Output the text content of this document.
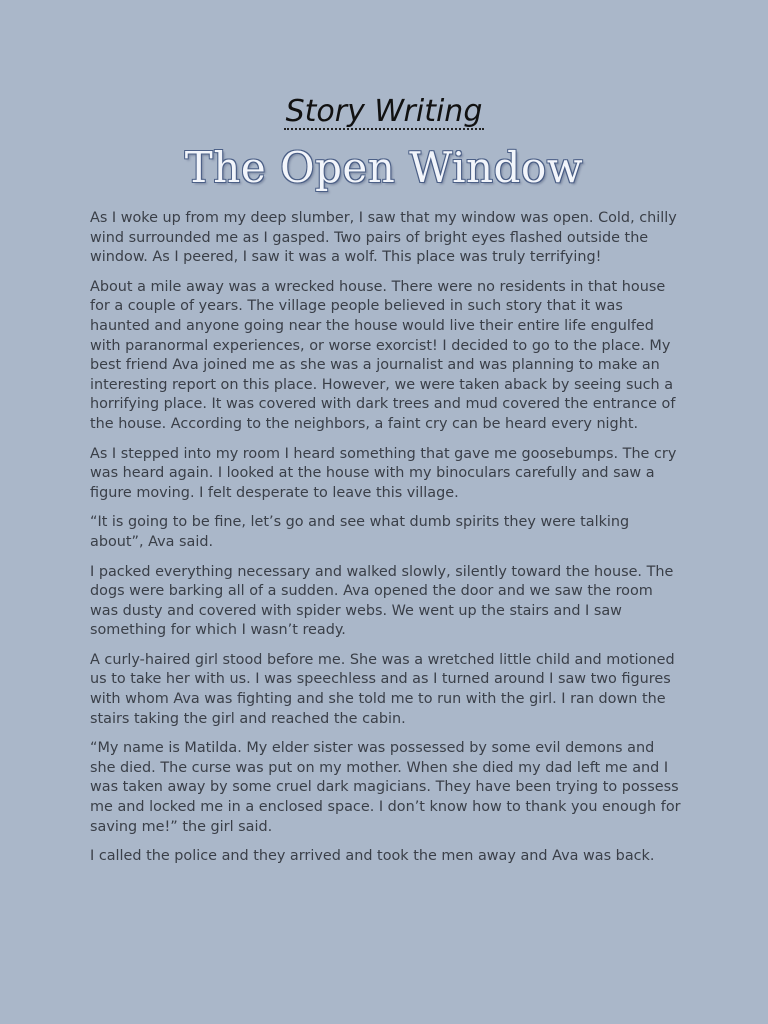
Story Writing
The Open Window

As I woke up from my deep slumber, I saw that my window was open. Cold, chilly wind surrounded me as I gasped. Two pairs of bright eyes flashed outside the window. As I peered, I saw it was a wolf. This place was truly terrifying!

About a mile away was a wrecked house. There were no residents in that house for a couple of years. The village people believed in such story that it was haunted and anyone going near the house would live their entire life engulfed with paranormal experiences, or worse exorcist! I decided to go to the place. My best friend Ava joined me as she was a journalist and was planning to make an interesting report on this place. However, we were taken aback by seeing such a horrifying place. It was covered with dark trees and mud covered the entrance of the house. According to the neighbors, a faint cry can be heard every night.

As I stepped into my room I heard something that gave me goosebumps. The cry was heard again. I looked at the house with my binoculars carefully and saw a figure moving. I felt desperate to leave this village.

“It is going to be fine, let’s go and see what dumb spirits they were talking about”, Ava said.

I packed everything necessary and walked slowly, silently toward the house. The dogs were barking all of a sudden. Ava opened the door and we saw the room was dusty and covered with spider webs. We went up the stairs and I saw something for which I wasn’t ready.

A curly-haired girl stood before me. She was a wretched little child and motioned us to take her with us. I was speechless and as I turned around I saw two figures with whom Ava was fighting and she told me to run with the girl. I ran down the stairs taking the girl and reached the cabin.

“My name is Matilda. My elder sister was possessed by some evil demons and she died. The curse was put on my mother. When she died my dad left me and I was taken away by some cruel dark magicians. They have been trying to possess me and locked me in a enclosed space. I don’t know how to thank you enough for saving me!” the girl said.

I called the police and they arrived and took the men away and Ava was back.
